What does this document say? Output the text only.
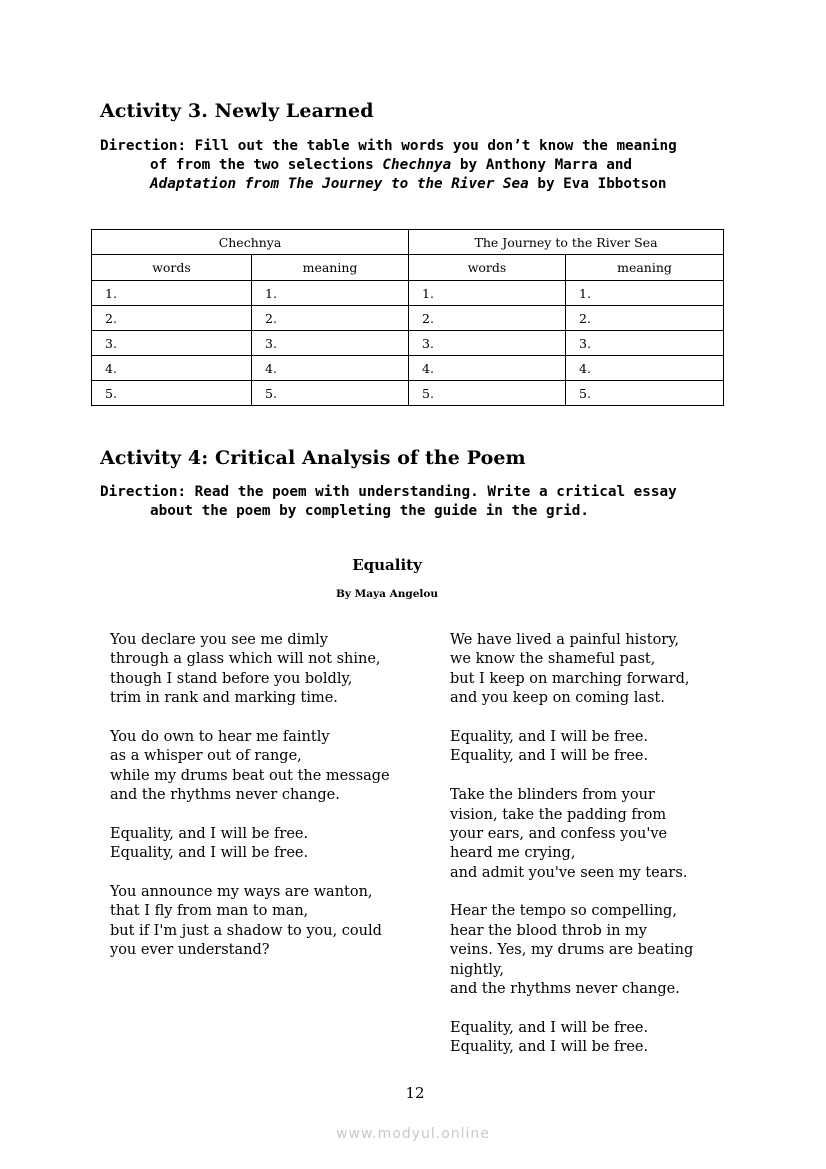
Activity 3. Newly Learned
Direction: Fill out the table with words you don’t know the meaning
of from the two selections Chechnya by Anthony Marra and
Adaptation from The Journey to the River Sea by Eva Ibbotson
Chechnya		The Journey to the River Sea	
words	meaning	words	meaning
1.	1.	1.	1.
2.	2.	2.	2.
3.	3.	3.	3.
4.	4.	4.	4.
5.	5.	5.	5.
Activity 4: Critical Analysis of the Poem
Direction: Read the poem with understanding. Write a critical essay
about the poem by completing the guide in the grid.
Equality
By Maya Angelou
You declare you see me dimly
through a glass which will not shine,
though I stand before you boldly,
trim in rank and marking time.
You do own to hear me faintly
as a whisper out of range,
while my drums beat out the message
and the rhythms never change.
Equality, and I will be free.
Equality, and I will be free.
You announce my ways are wanton,
that I fly from man to man,
but if I'm just a shadow to you, could
you ever understand?
We have lived a painful history,
we know the shameful past,
but I keep on marching forward,
and you keep on coming last.
Equality, and I will be free.
Equality, and I will be free.
Take the blinders from your
vision, take the padding from
your ears, and confess you've
heard me crying,
and admit you've seen my tears.
Hear the tempo so compelling,
hear the blood throb in my
veins. Yes, my drums are beating
nightly,
and the rhythms never change.
Equality, and I will be free.
Equality, and I will be free.
12
www.modyul.online
